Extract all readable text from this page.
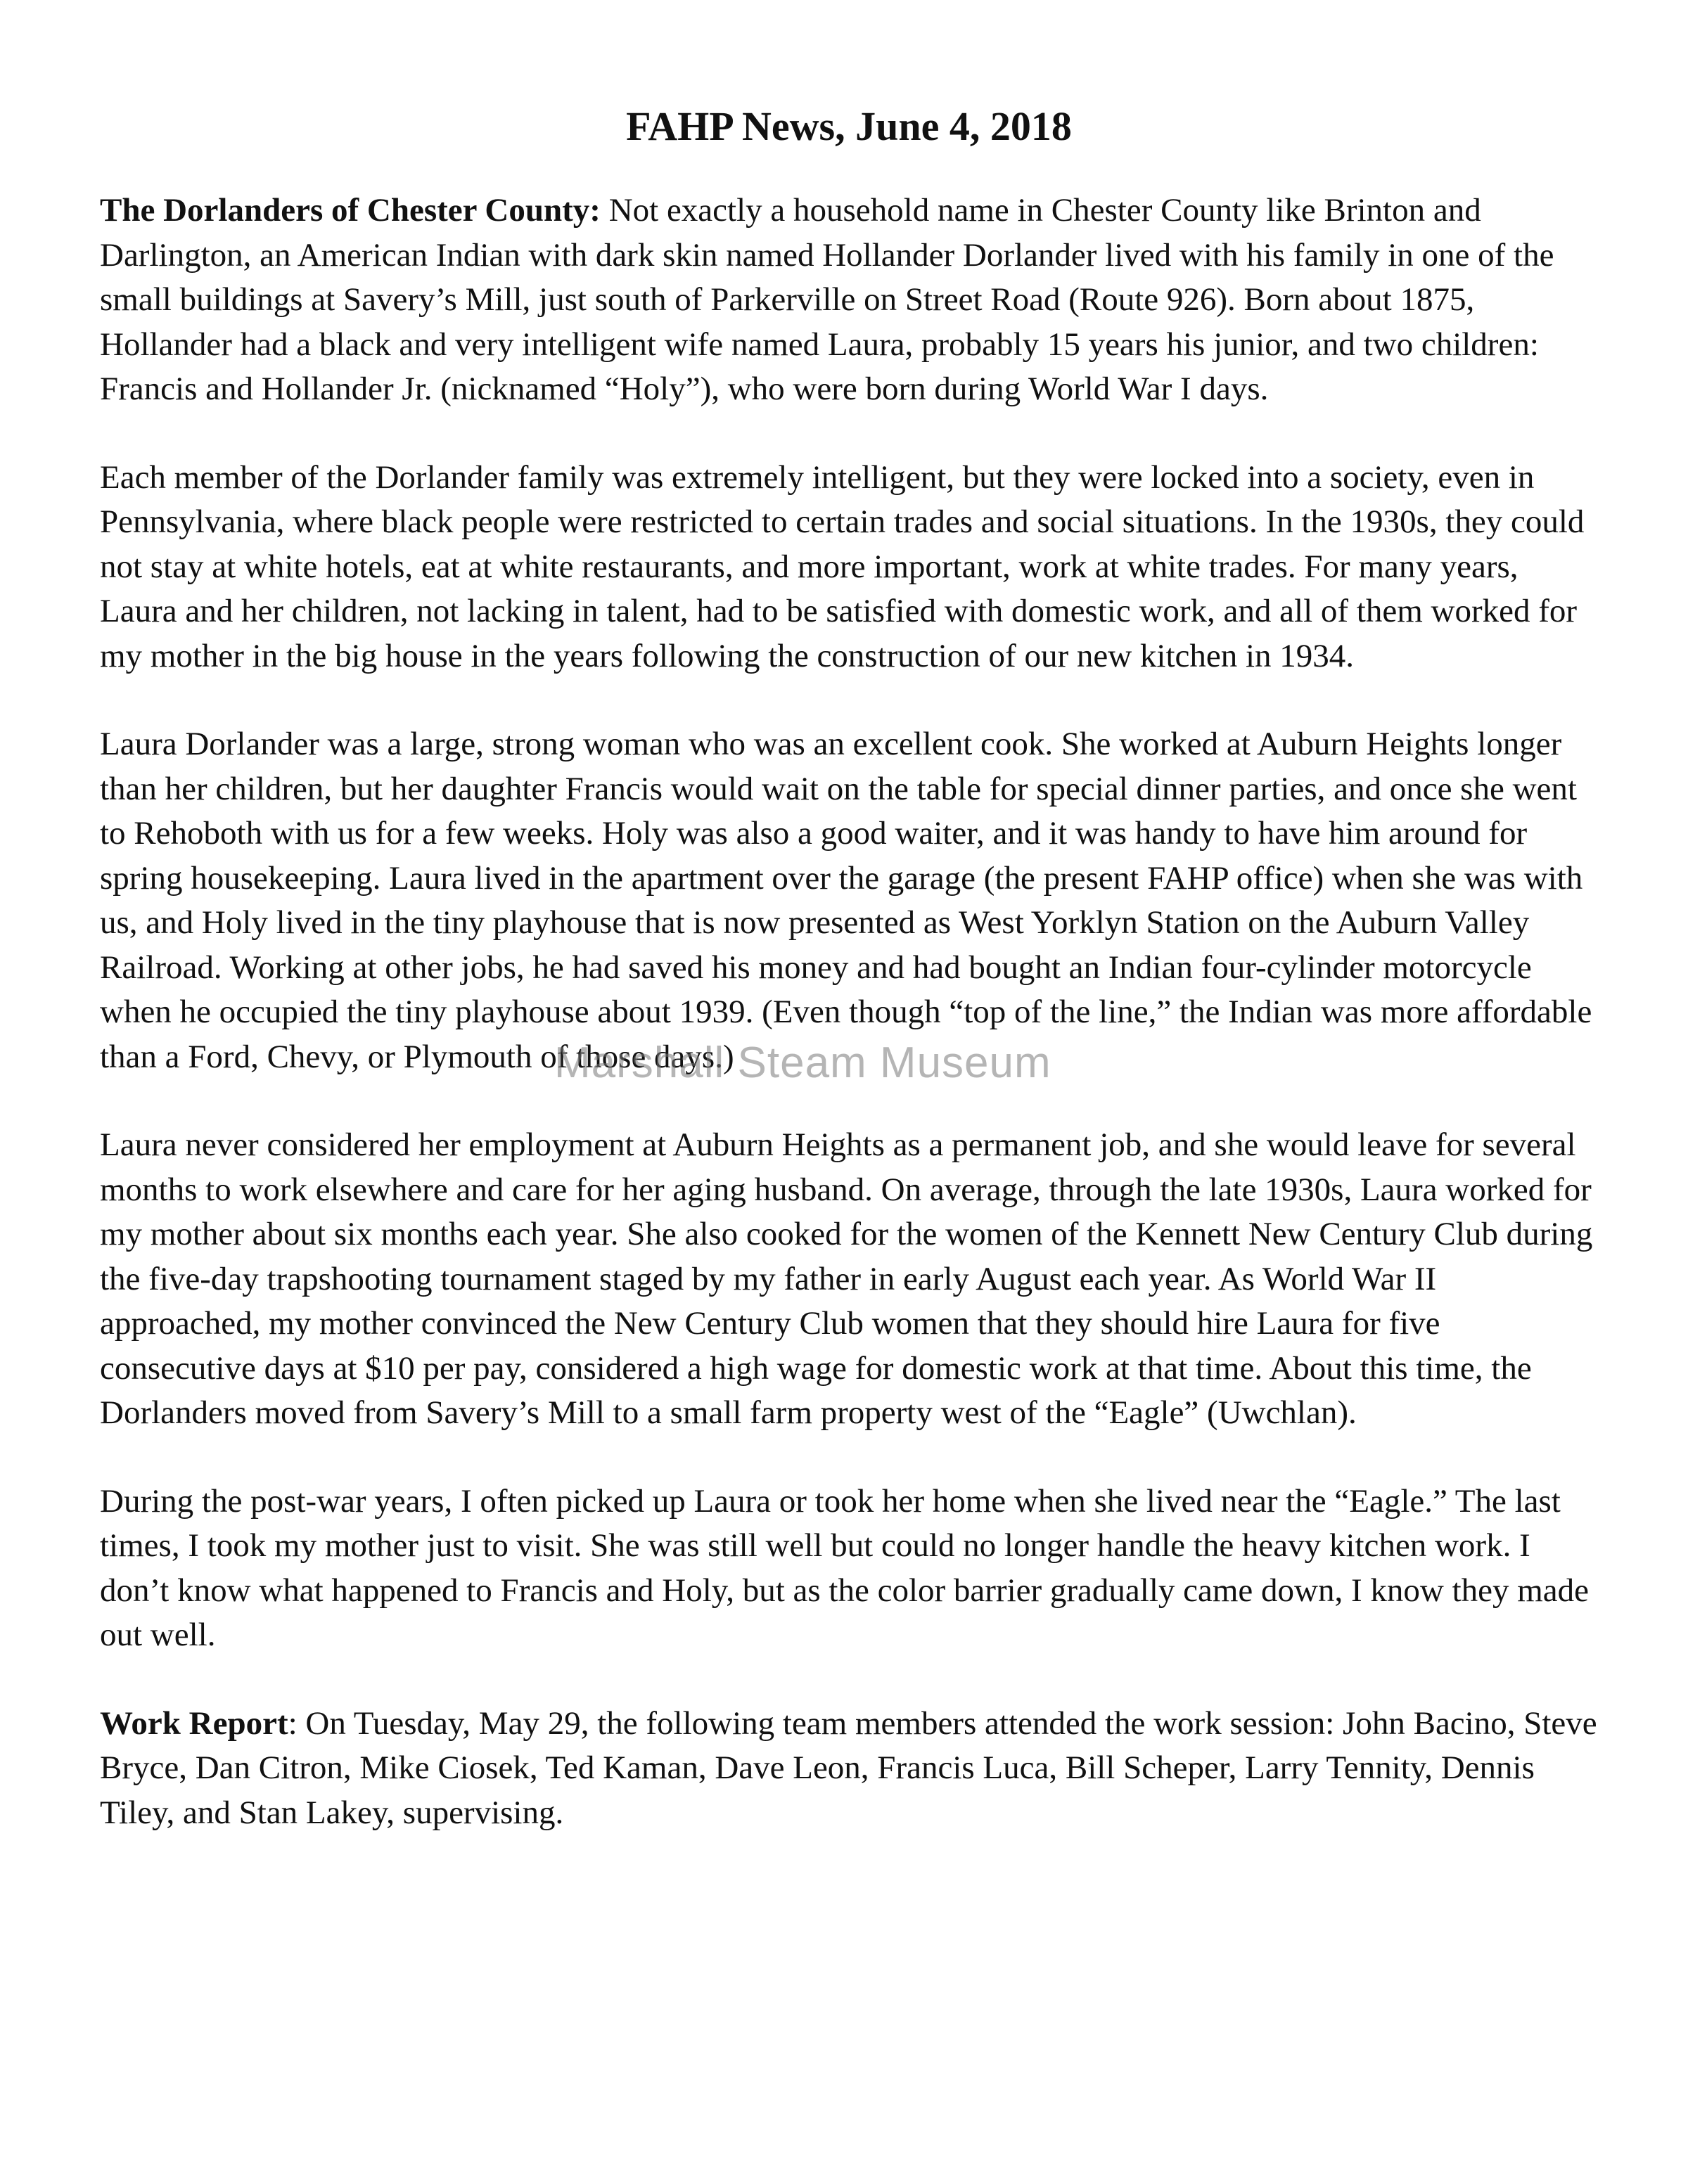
FAHP News, June 4, 2018

The Dorlanders of Chester County: Not exactly a household name in Chester County like Brinton and Darlington, an American Indian with dark skin named Hollander Dorlander lived with his family in one of the small buildings at Savery’s Mill, just south of Parkerville on Street Road (Route 926). Born about 1875, Hollander had a black and very intelligent wife named Laura, probably 15 years his junior, and two children: Francis and Hollander Jr. (nicknamed “Holy”), who were born during World War I days.

Each member of the Dorlander family was extremely intelligent, but they were locked into a society, even in Pennsylvania, where black people were restricted to certain trades and social situations. In the 1930s, they could not stay at white hotels, eat at white restaurants, and more important, work at white trades. For many years, Laura and her children, not lacking in talent, had to be satisfied with domestic work, and all of them worked for my mother in the big house in the years following the construction of our new kitchen in 1934.

Laura Dorlander was a large, strong woman who was an excellent cook. She worked at Auburn Heights longer than her children, but her daughter Francis would wait on the table for special dinner parties, and once she went to Rehoboth with us for a few weeks. Holy was also a good waiter, and it was handy to have him around for spring housekeeping. Laura lived in the apartment over the garage (the present FAHP office) when she was with us, and Holy lived in the tiny playhouse that is now presented as West Yorklyn Station on the Auburn Valley Railroad. Working at other jobs, he had saved his money and had bought an Indian four-cylinder motorcycle when he occupied the tiny playhouse about 1939. (Even though “top of the line,” the Indian was more affordable than a Ford, Chevy, or Plymouth of those days.)

Laura never considered her employment at Auburn Heights as a permanent job, and she would leave for several months to work elsewhere and care for her aging husband. On average, through the late 1930s, Laura worked for my mother about six months each year. She also cooked for the women of the Kennett New Century Club during the five-day trapshooting tournament staged by my father in early August each year. As World War II approached, my mother convinced the New Century Club women that they should hire Laura for five consecutive days at $10 per pay, considered a high wage for domestic work at that time. About this time, the Dorlanders moved from Savery’s Mill to a small farm property west of the “Eagle” (Uwchlan).

During the post-war years, I often picked up Laura or took her home when she lived near the “Eagle.” The last times, I took my mother just to visit. She was still well but could no longer handle the heavy kitchen work. I don’t know what happened to Francis and Holy, but as the color barrier gradually came down, I know they made out well.

Work Report: On Tuesday, May 29, the following team members attended the work session: John Bacino, Steve Bryce, Dan Citron, Mike Ciosek, Ted Kaman, Dave Leon, Francis Luca, Bill Scheper, Larry Tennity, Dennis Tiley, and Stan Lakey, supervising.

Marshall Steam Museum
